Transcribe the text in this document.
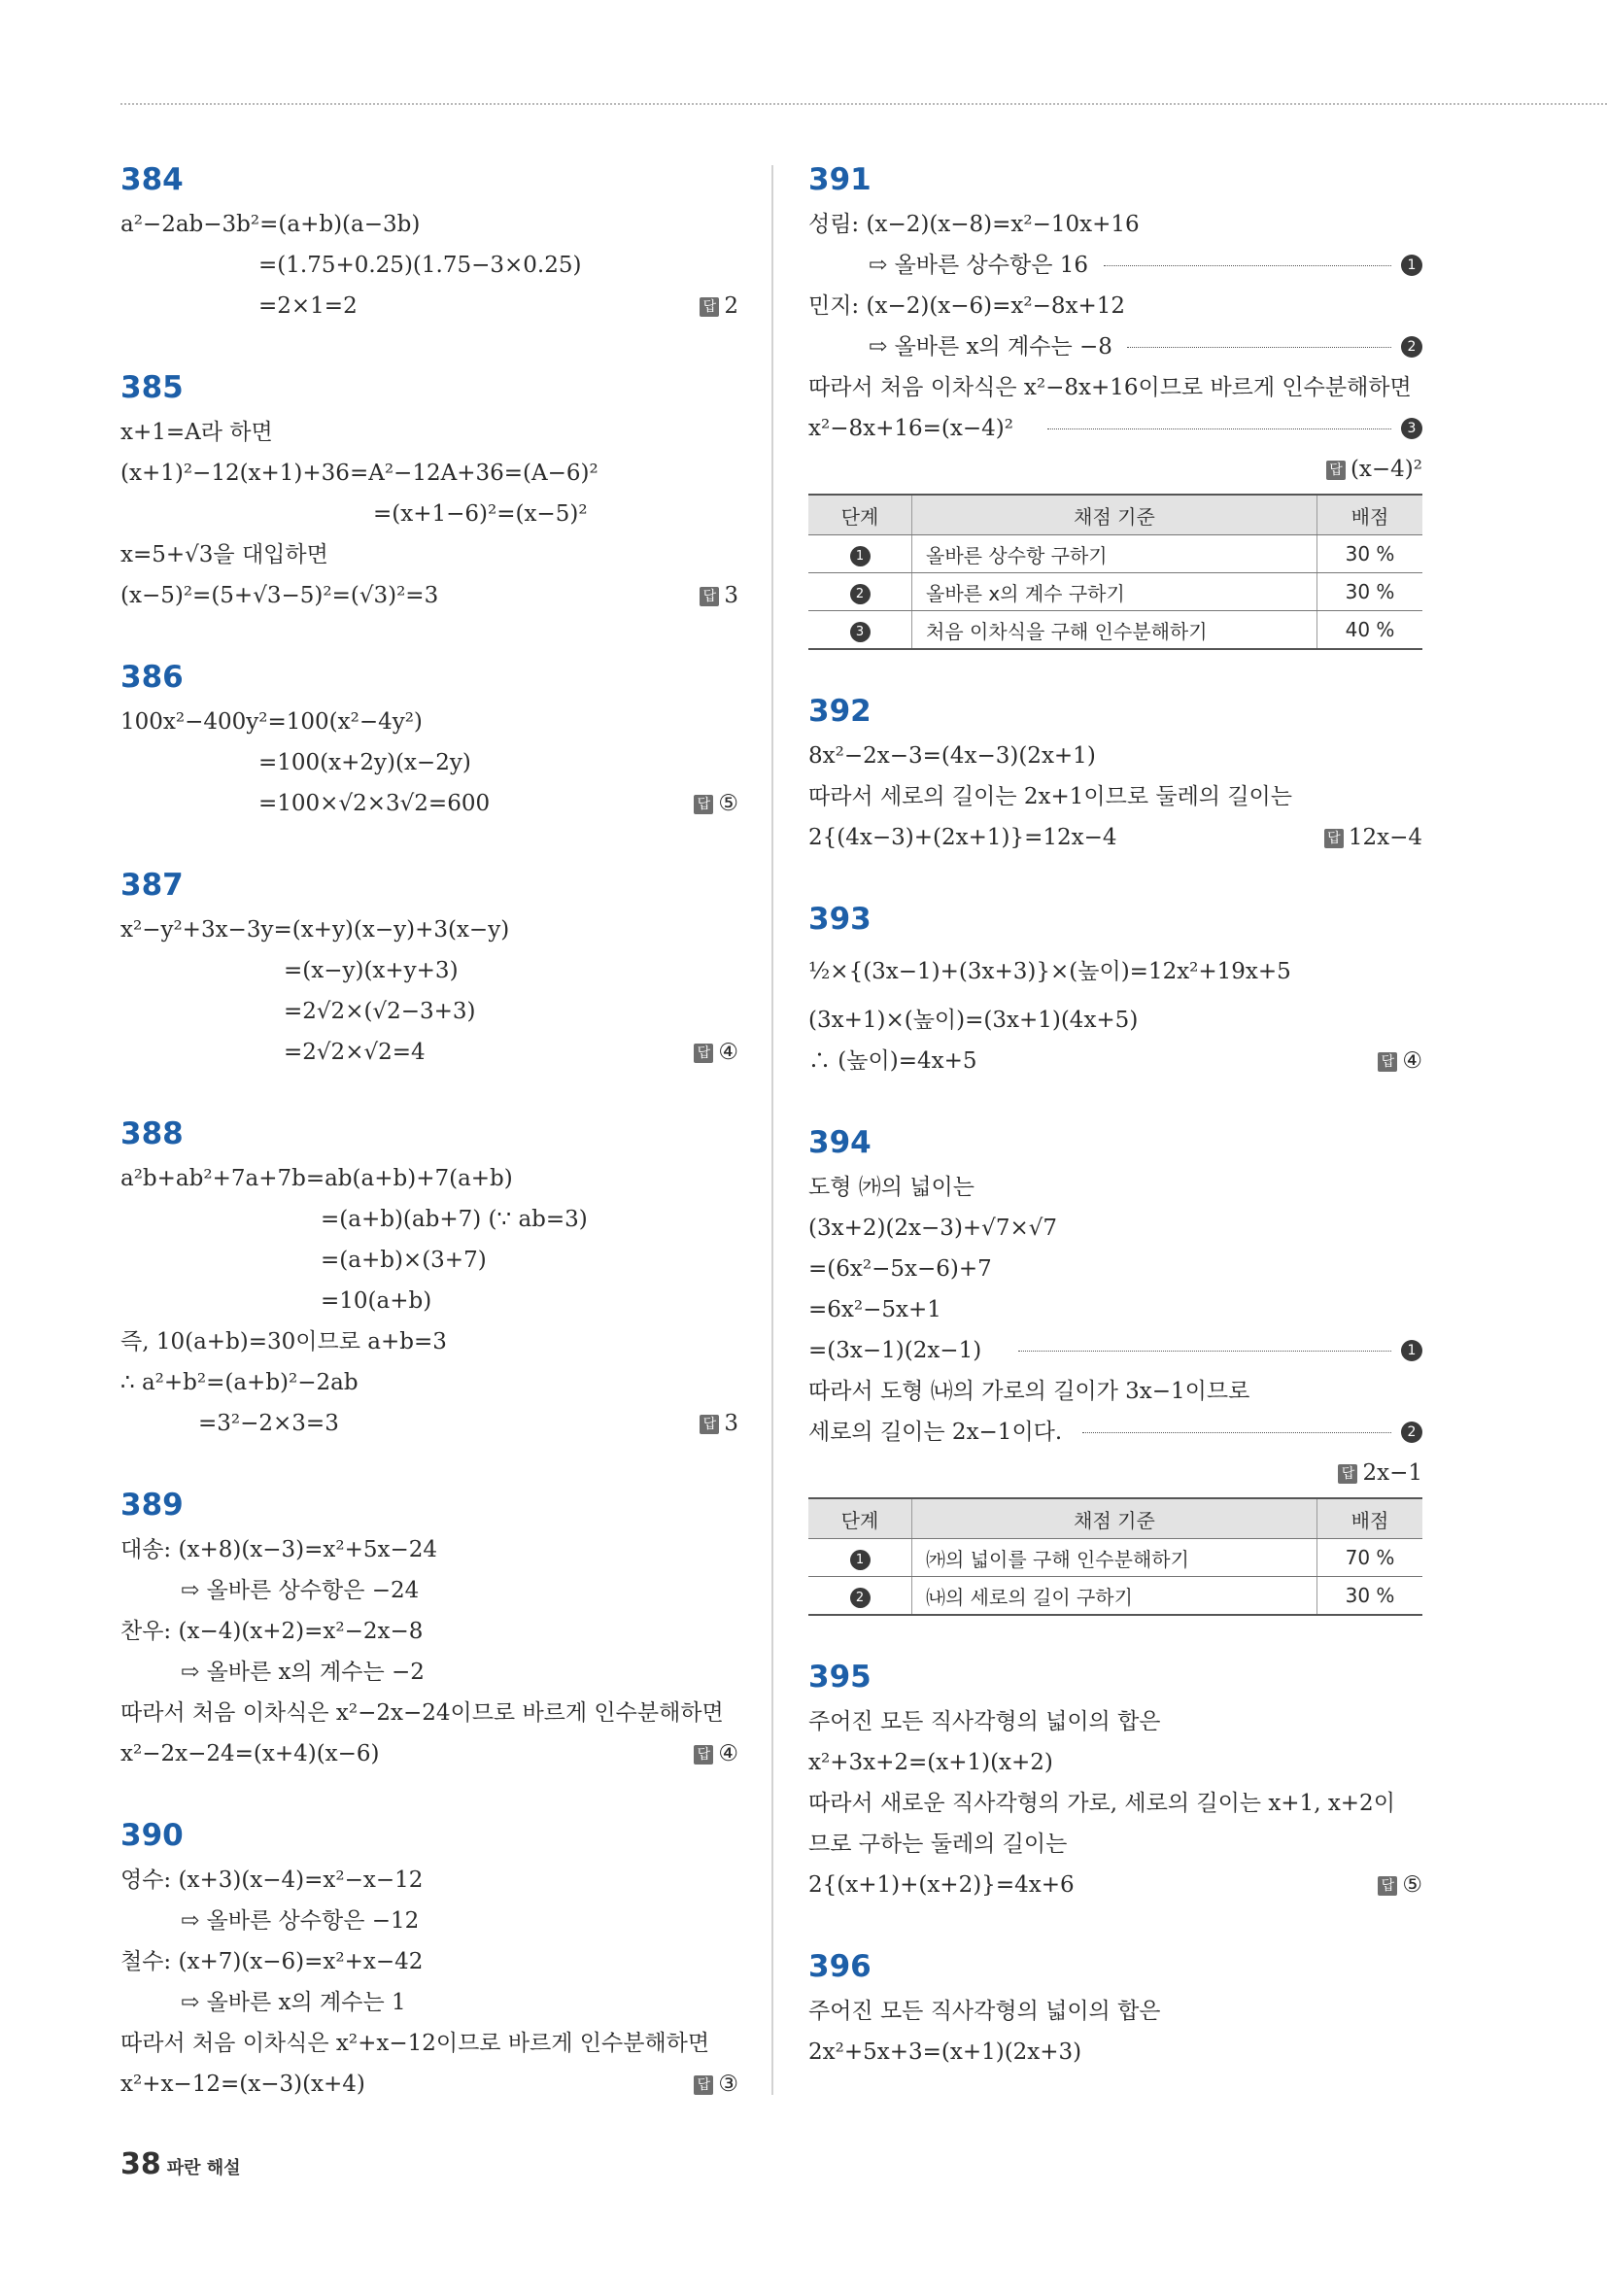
384
a²−2ab−3b²=(a+b)(a−3b)
=(1.75+0.25)(1.75−3×0.25)
=2×1=2	답 2
385
x+1=A라 하면
(x+1)²−12(x+1)+36=A²−12A+36=(A−6)²
=(x+1−6)²=(x−5)²
x=5+√3을 대입하면
(x−5)²=(5+√3−5)²=(√3)²=3	답 3
386
100x²−400y²=100(x²−4y²)
=100(x+2y)(x−2y)
=100×√2×3√2=600	답 ⑤
387
x²−y²+3x−3y=(x+y)(x−y)+3(x−y)
=(x−y)(x+y+3)
=2√2×(√2−3+3)
=2√2×√2=4	답 ④
388
a²b+ab²+7a+7b=ab(a+b)+7(a+b)
=(a+b)(ab+7) (∵ ab=3)
=(a+b)×(3+7)
=10(a+b)
즉, 10(a+b)=30이므로 a+b=3
∴ a²+b²=(a+b)²−2ab
=3²−2×3=3	답 3
389
대송: (x+8)(x−3)=x²+5x−24
⇨ 올바른 상수항은 −24
찬우: (x−4)(x+2)=x²−2x−8
⇨ 올바른 x의 계수는 −2
따라서 처음 이차식은 x²−2x−24이므로 바르게 인수분해하면
x²−2x−24=(x+4)(x−6)	답 ④
390
영수: (x+3)(x−4)=x²−x−12
⇨ 올바른 상수항은 −12
철수: (x+7)(x−6)=x²+x−42
⇨ 올바른 x의 계수는 1
따라서 처음 이차식은 x²+x−12이므로 바르게 인수분해하면
x²+x−12=(x−3)(x+4)	답 ③
391
성림: (x−2)(x−8)=x²−10x+16
⇨ 올바른 상수항은 16	1
민지: (x−2)(x−6)=x²−8x+12
⇨ 올바른 x의 계수는 −8	2
따라서 처음 이차식은 x²−8x+16이므로 바르게 인수분해하면
x²−8x+16=(x−4)²	3
답 (x−4)²
단계	채점 기준	배점
1	올바른 상수항 구하기	30 %
2	올바른 x의 계수 구하기	30 %
3	처음 이차식을 구해 인수분해하기	40 %
392
8x²−2x−3=(4x−3)(2x+1)
따라서 세로의 길이는 2x+1이므로 둘레의 길이는
2{(4x−3)+(2x+1)}=12x−4	답 12x−4
393
½×{(3x−1)+(3x+3)}×(높이)=12x²+19x+5
(3x+1)×(높이)=(3x+1)(4x+5)
∴ (높이)=4x+5	답 ④
394
도형 ㈎의 넓이는
(3x+2)(2x−3)+√7×√7
=(6x²−5x−6)+7
=6x²−5x+1
=(3x−1)(2x−1)	1
따라서 도형 ㈏의 가로의 길이가 3x−1이므로
세로의 길이는 2x−1이다.	2
답 2x−1
단계	채점 기준	배점
1	㈎의 넓이를 구해 인수분해하기	70 %
2	㈏의 세로의 길이 구하기	30 %
395
주어진 모든 직사각형의 넓이의 합은
x²+3x+2=(x+1)(x+2)
따라서 새로운 직사각형의 가로, 세로의 길이는 x+1, x+2이
므로 구하는 둘레의 길이는
2{(x+1)+(x+2)}=4x+6	답 ⑤
396
주어진 모든 직사각형의 넓이의 합은
2x²+5x+3=(x+1)(2x+3)
38 파란 해설
